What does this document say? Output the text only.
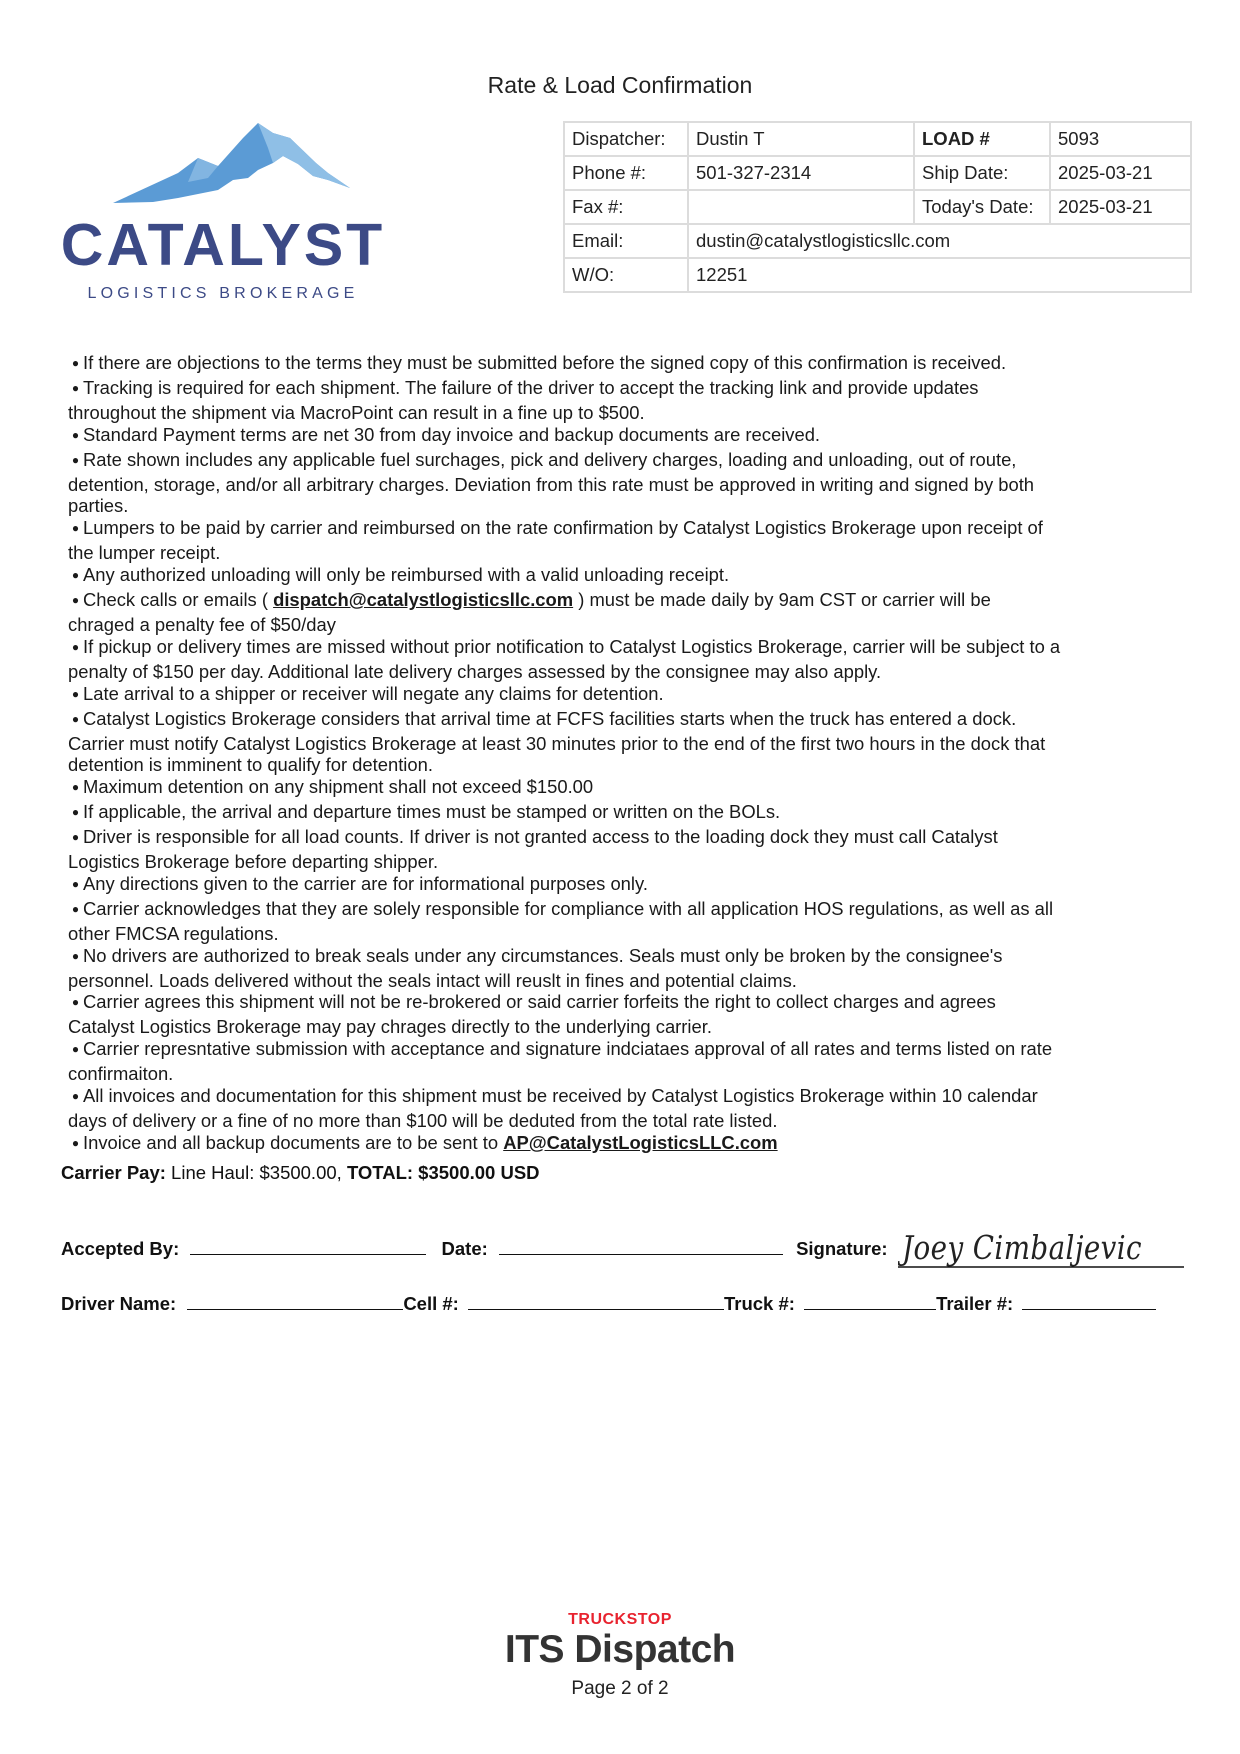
Rate & Load Confirmation
CATALYST
LOGISTICS BROKERAGE
Dispatcher:	Dustin T	LOAD #	5093
Phone #:	501-327-2314	Ship Date:	2025-03-21
Fax #:		Today's Date:	2025-03-21
Email:	dustin@catalystlogisticsllc.com		
W/O:	12251		
● If there are objections to the terms they must be submitted before the signed copy of this confirmation is received.
● Tracking is required for each shipment. The failure of the driver to accept the tracking link and provide updates
throughout the shipment via MacroPoint can result in a fine up to $500.
● Standard Payment terms are net 30 from day invoice and backup documents are received.
● Rate shown includes any applicable fuel surchages, pick and delivery charges, loading and unloading, out of route,
detention, storage, and/or all arbitrary charges. Deviation from this rate must be approved in writing and signed by both
parties.
● Lumpers to be paid by carrier and reimbursed on the rate confirmation by Catalyst Logistics Brokerage upon receipt of
the lumper receipt.
● Any authorized unloading will only be reimbursed with a valid unloading receipt.
● Check calls or emails ( dispatch@catalystlogisticsllc.com ) must be made daily by 9am CST or carrier will be
chraged a penalty fee of $50/day
● If pickup or delivery times are missed without prior notification to Catalyst Logistics Brokerage, carrier will be subject to a
penalty of $150 per day. Additional late delivery charges assessed by the consignee may also apply.
● Late arrival to a shipper or receiver will negate any claims for detention.
● Catalyst Logistics Brokerage considers that arrival time at FCFS facilities starts when the truck has entered a dock.
Carrier must notify Catalyst Logistics Brokerage at least 30 minutes prior to the end of the first two hours in the dock that
detention is imminent to qualify for detention.
● Maximum detention on any shipment shall not exceed $150.00
● If applicable, the arrival and departure times must be stamped or written on the BOLs.
● Driver is responsible for all load counts. If driver is not granted access to the loading dock they must call Catalyst
Logistics Brokerage before departing shipper.
● Any directions given to the carrier are for informational purposes only.
● Carrier acknowledges that they are solely responsible for compliance with all application HOS regulations, as well as all
other FMCSA regulations.
● No drivers are authorized to break seals under any circumstances. Seals must only be broken by the consignee's
personnel. Loads delivered without the seals intact will reuslt in fines and potential claims.
● Carrier agrees this shipment will not be re-brokered or said carrier forfeits the right to collect charges and agrees
Catalyst Logistics Brokerage may pay chrages directly to the underlying carrier.
● Carrier represntative submission with acceptance and signature indciataes approval of all rates and terms listed on rate
confirmaiton.
● All invoices and documentation for this shipment must be received by Catalyst Logistics Brokerage within 10 calendar
days of delivery or a fine of no more than $100 will be deduted from the total rate listed.
● Invoice and all backup documents are to be sent to AP@CatalystLogisticsLLC.com
Carrier Pay: Line Haul: $3500.00, TOTAL: $3500.00 USD
Accepted By:	Date:	Signature: Joey Cimbaljevic
Driver Name:	Cell #:	Truck #:	Trailer #:
TRUCKSTOP
ITS Dispatch
Page 2 of 2
